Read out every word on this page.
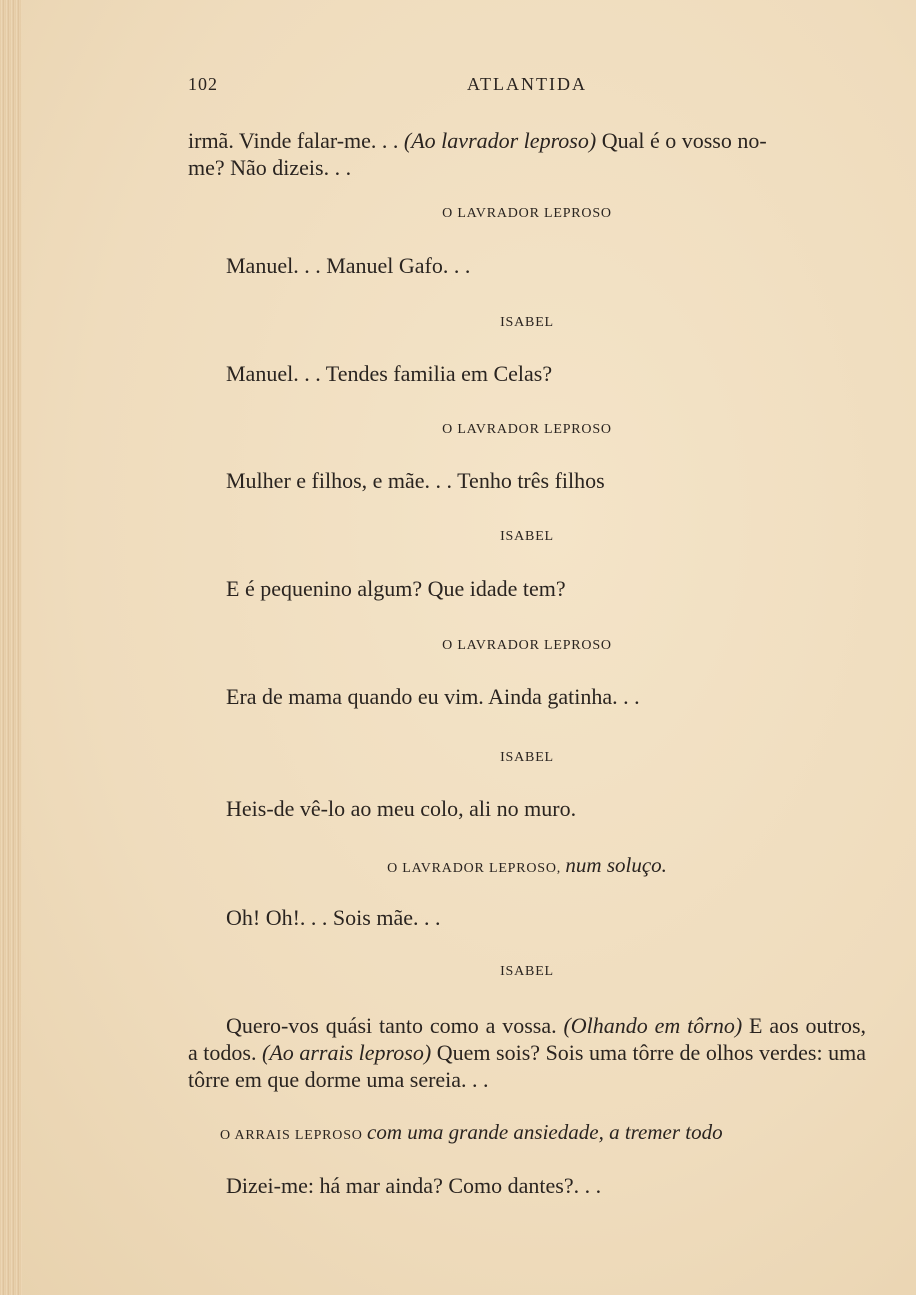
102	ATLANTIDA
irmã. Vinde falar-me. . . (Ao lavrador leproso) Qual é o vosso no-
me? Não dizeis. . .
O LAVRADOR LEPROSO
Manuel. . . Manuel Gafo. . .
ISABEL
Manuel. . . Tendes familia em Celas?
O LAVRADOR LEPROSO
Mulher e filhos, e mãe. . . Tenho três filhos
ISABEL
E é pequenino algum? Que idade tem?
O LAVRADOR LEPROSO
Era de mama quando eu vim. Ainda gatinha. . .
ISABEL
Heis-de vê-lo ao meu colo, ali no muro.
O LAVRADOR LEPROSO, num soluço.
Oh! Oh!. . . Sois mãe. . .
ISABEL
Quero-vos quási tanto como a vossa. (Olhando em tôrno) E aos outros, a todos. (Ao arrais leproso) Quem sois? Sois uma tôrre de olhos verdes: uma tôrre em que dorme uma sereia. . .
O ARRAIS LEPROSO com uma grande ansiedade, a tremer todo
Dizei-me: há mar ainda? Como dantes?. . .
